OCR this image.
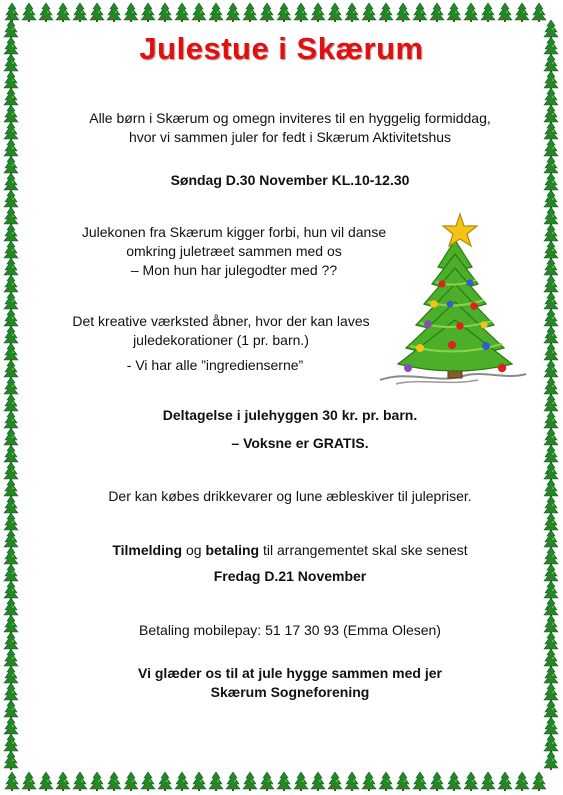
Julestue i Skærum
Alle børn i Skærum og omegn inviteres til en hyggelig formiddag,
hvor vi sammen juler for fedt i Skærum Aktivitetshus
Søndag D.30 November KL.10-12.30
Julekonen fra Skærum kigger forbi, hun vil danse
omkring juletræet sammen med os
– Mon hun har julegodter med ??
Det kreative værksted åbner, hvor der kan laves
juledekorationer (1 pr. barn.)
- Vi har alle ”ingredienserne”
Deltagelse i julehyggen 30 kr. pr. barn.
– Voksne er GRATIS.
Der kan købes drikkevarer og lune æbleskiver til julepriser.
Tilmelding og betaling til arrangementet skal ske senest
Fredag D.21 November
Betaling mobilepay: 51 17 30 93 (Emma Olesen)
Vi glæder os til at jule hygge sammen med jer
Skærum Sogneforening
